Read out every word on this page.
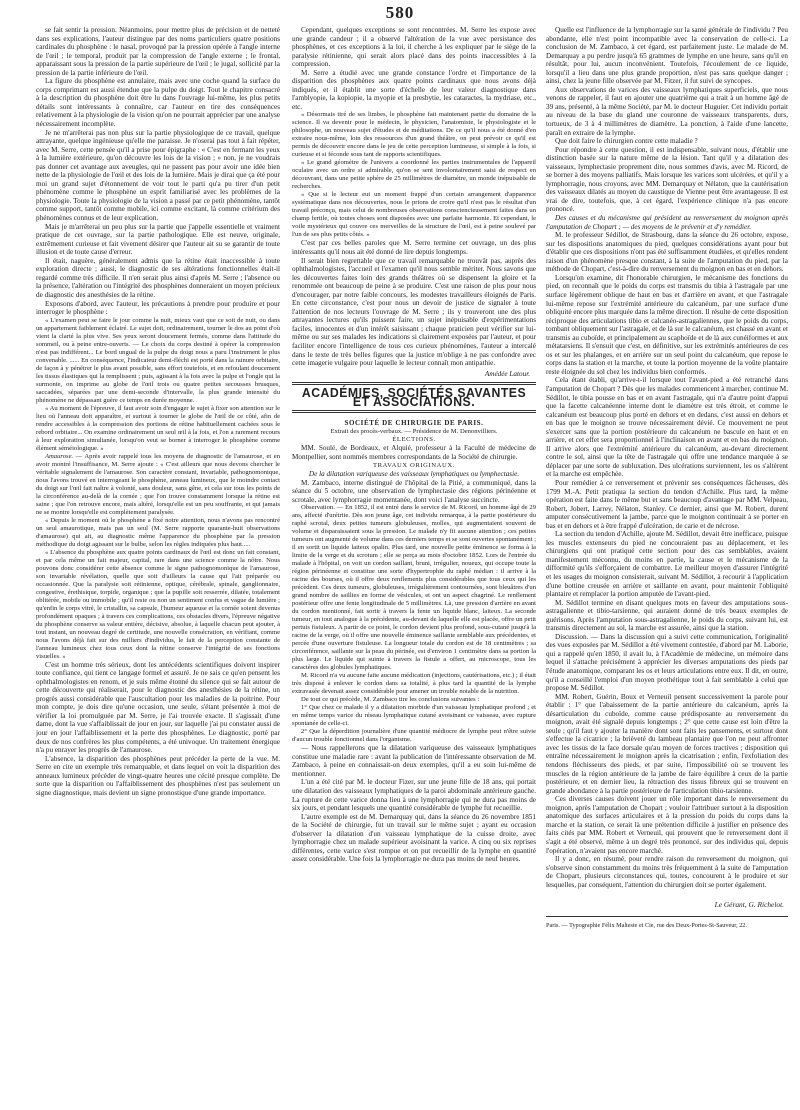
580

se fait sentir la pression. Néanmoins, pour mettre plus de précision et de netteté dans ses explications, l'auteur distingue par des noms particuliers quatre positions cardinales du phosphène : le nasal, provoqué par la pression opérée à l'angle interne de l'œil ; le temporal, produit par la compression de l'angle externe ; le frontal, apparaissant sous la pression de la partie supérieure de l'œil ; le jugal, sollicité par la pression de la partie inférieure de l'œil.

La figure du phosphène est annulaire, mais avec une coche quand la surface du corps comprimant est aussi étendue que la pulpe du doigt. Tout le chapitre consacré à la description du phosphène doit être lu dans l'ouvrage lui-même, les plus petits détails sont intéressants à connaître, car l'auteur en tire des conséquences relativement à la physiologie de la vision qu'on ne pourrait apprécier par une analyse nécessairement incomplète.

Je ne m'arrêterai pas non plus sur la partie physiologique de ce travail, quelque attrayante, quelque ingénieuse qu'elle me paraisse. Je n'oserai pas tout à fait répéter, avec M. Serre, cette pensée qu'il a prise pour épigraphe : « C'est en fermant les yeux à la lumière extérieure, qu'on découvre les lois de la vision ; » non, je ne voudrais pas donner cet avantage aux aveugles, qui ne passent pas pour avoir une idée bien nette de la physiologie de l'œil et des lois de la lumière. Mais je dirai que ça été pour moi un grand sujet d'étonnement de voir tout le parti qu'a pu tirer d'un petit phénomène comme le phosphène un esprit familiarisé avec les problèmes de la physiologie. Toute la physiologie de la vision a passé par ce petit phénomène, tantôt comme support, tantôt comme mobile, ici comme excitant, là comme critérium des phénomènes connus et de leur explication.

Mais je m'arrêterai un peu plus sur la partie que j'appelle essentielle et vraiment pratique de cet ouvrage, sur la partie pathologique. Elle est neuve, originale, extrêmement curieuse et fait vivement désirer que l'auteur ait su se garantir de toute illusion et de toute cause d'erreur.

Il était, naguère, généralement admis que la rétine était inaccessible à toute exploration directe ; aussi, le diagnostic de ses altérations fonctionnelles était-il regardé comme très difficile. Il n'en serait plus ainsi d'après M. Serre ; l'absence ou la présence, l'altération ou l'intégrité des phosphènes donneraient un moyen précieux de diagnostic des anesthésies de la rétine.

Exposons d'abord, avec l'auteur, les précautions à prendre pour produire et pour interroger le phosphène :

« L'examen peut se faire le jour comme la nuit, mieux vaut que ce soit de nuit, ou dans un appartement faiblement éclairé. Le sujet doit, ordinairement, tourner le dos au point d'où vient la clarté la plus vive. Ses yeux seront doucement fermés, comme dans l'attitude du sommeil, ou à peine entre-ouverts. — Le choix du corps destiné à opérer la compression n'est pas indifférent... Le bord ungual de la pulpe du doigt nous a paru l'instrument le plus convenable. ...... En conséquence, l'indicateur demi-fléchi est porté dans la rainure orbitaire, de façon à y pénétrer le plus avant possible, sans effort toutefois, et en refoulant doucement les tissus élastiques qui la remplissent ; puis, agissant à la fois avec la pulpe et l'ongle qui la surmonte, on imprime au globe de l'œil trois ou quatre petites secousses brusques, saccadées, séparées par une demi-seconde d'intervalle, la plus grande intensité du phénomène ne dépassant guère ce temps en durée moyenne.

« Au moment de l'épreuve, il faut avoir soin d'engager le sujet à fixer son attention sur le lieu où l'anneau doit apparaître, et surtout à tourner le globe de l'œil de ce côté, afin de rendre accessibles à la compression des portions de rétine habituellement cachées sous le rebord orbitaire... On examine ordinairement un seul œil à la fois, et l'on a rarement recours à leur exploration simultanée, lorsqu'on veut se borner à interroger le phosphène comme élément séméiologique. »

Amaurose. — Après avoir rappelé tous les moyens de diagnostic de l'amaurose, et en avoir montré l'insuffisance, M. Serre ajoute : « C'est ailleurs que nous devons chercher le véritable signalement de l'amaurose. Son caractère constant, invariable, pathognomonique, nous l'avons trouvé en interrogeant le phosphène, anneau lumineux, que le moindre contact du doigt sur l'œil fait naître à volonté, sans douleur, sans gêne, et cela sur tous les points de la circonférence au-delà de la cornée ; que l'on trouve constamment lorsque la rétine est saine ; que l'on retrouve encore, mais altéré, lorsqu'elle est un peu souffrante, et qui jamais ne se montre lorsqu'elle est complètement paralysée.

« Depuis le moment où le phosphène a fixé notre attention, nous n'avons pas rencontré un seul amaurotique, mais pas un seul (M. Serre rapporte quarante-huit observations d'amaurose) qui ait, au diagnostic même l'apparence du phosphène par la pression méthodique du doigt agissant sur le bulbe, selon les règles indiquées plus haut.....

« L'absence du phosphène aux quatre points cardinaux de l'œil est donc un fait constant, et par cela même un fait majeur, capital, rare dans une science comme la nôtre. Nous pouvons donc considérer cette absence comme le signe pathognomonique de l'amaurose, son invariable révélation, quelle que soit d'ailleurs la cause qui l'ait préparée ou occasionnée. Que la paralysie soit rétinienne, optique, cérébrale, spinale, ganglionnaire, congestive, érethisique, torpide, organique ; que la pupille soit resserrée, dilatée, totalement oblitérée, mobile ou immobile ; qu'il reste ou non un sentiment confus et vague de lumière ; qu'enfin le corps vitré, le cristallin, sa capsule, l'humeur aqueuse et la cornée soient devenus profondément opaques ; à travers ces complications, ces obstacles divers, l'épreuve négative du phosphène conserve sa valeur entière, décisive, absolue, à laquelle chacun peut ajouter, à tout instant, un nouveau degré de certitude, une nouvelle consécration, en vérifiant, comme nous l'avons déjà fait sur des milliers d'individus, le fait de la perception constante de l'anneau lumineux chez tous ceux dont la rétine conserve l'intégrité de ses fonctions visuelles. »

C'est un homme très sérieux, dont les antécédents scientifiques doivent inspirer toute confiance, qui tient ce langage formel et assuré. Je ne sais ce qu'en pensent les ophthalmologistes en renom, et je suis même étonné du silence qui se fait autour de cette découverte qui réaliserait, pour le diagnostic des anesthésies de la rétine, un progrès aussi considérable que l'auscultation pour les maladies de la poitrine. Pour mon compte, je dois dire qu'une occasion, une seule, s'étant présentée à moi de vérifier la loi promulguée par M. Serre, je l'ai trouvée exacte. Il s'agissait d'une dame, dont la vue s'affaiblissait de jour en jour, sur laquelle j'ai pu constater aussi de jour en jour l'affaiblissement et la perte des phosphènes. Le diagnostic, porté par deux de nos confrères les plus compétents, a été univoque. Un traitement énergique n'a pu enrayer les progrès de l'amaurose.

L'absence, la disparition des phosphènes peut précéder la perte de la vue. M. Serre en cite un exemple très remarquable, et dans lequel on voit la disparition des anneaux lumineux précéder de vingt-quatre heures une cécité presque complète. De sorte que la disparition ou l'affaiblissement des phosphènes n'est pas seulement un signe diagnostique, mais devient un signe pronostique d'une grande importance.

Cependant, quelques exceptions se sont rencontrées. M. Serre les expose avec une grande candeur ; il a observé l'altération de la vue avec persistance des phosphènes, et ces exceptions à la loi, il cherche à les expliquer par le siège de la paralysie rétinienne, qui serait alors placé dans des points inaccessibles à la compression.

M. Serre a étudié avec une grande constance l'ordre et l'importance de la disparition des phosphènes aux quatre points cardinaux que nous avons déjà indiqués, et il établit une sorte d'échelle de leur valeur diagnostique dans l'amblyopie, la kopiopie, la myopie et la presbytie, les cataractes, la mydriase, etc., etc.

« Désormais tiré de ses limbes, le phosphène fait maintenant partie du domaine de la science. Il va devenir pour le médecin, le physicien, l'anatomiste, le physiologiste et le philosophe, un nouveau sujet d'études et de méditations. De ce qu'il nous a été donné d'en extraire nous-même, loin des ressources d'un grand théâtre, on peut prévoir ce qu'il est permis de découvrir encore dans le jeu de cette perception lumineuse, si simple à la fois, si curieuse et si féconde sous tant de rapports scientifiques.

« Le grand géomètre de l'univers a coordonné les parties instrumentales de l'appareil oculaire avec un ordre si admirable, qu'on se sent involontairement saisi de respect en découvrant, dans une petite sphère de 25 millimètres de diamètre, un monde inépuisable de recherches.

« Que si le lecteur eut un moment frappé d'un certain arrangement d'apparence systématique dans nos découvertes, nous le prions de croire qu'il n'est pas le résultat d'un travail préconçu, mais celui de nombreuses observations consciencieusement faites dans un champ fertile, où toutes choses sont disposées avec une parfaite harmonie. Et cependant, le voile mystérieux qui couvre ces merveilles de la structure de l'œil, est à peine soulevé par l'un de ses plus petits côtés. »

C'est par ces belles paroles que M. Serre termine cet ouvrage, un des plus intéressants qu'il nous ait été donné de lire depuis longtemps.

Il serait bien regrettable que ce travail remarquable ne trouvât pas, auprès des ophthalmologistes, l'accueil et l'examen qu'il nous semble mériter. Nous savons que les découvertes faites loin des grands théâtres où se dispensent la gloire et la renommée ont beaucoup de peine à se produire. C'est une raison de plus pour nous d'encourager, par notre faible concours, les modestes travailleurs éloignés de Paris. En cette circonstance, c'est pour nous un devoir de justice de signaler à toute l'attention de nos lecteurs l'ouvrage de M. Serre ; ils y trouveront une des plus attrayantes lectures qu'ils puissent faire, un sujet inépuisable d'expérimentations faciles, innocentes et d'un intérêt saisissant ; chaque praticien peut vérifier sur lui-même ou sur ses malades les indications si clairement exposées par l'auteur, et pour faciliter encore l'intelligence de tous ces curieux phénomènes, l'auteur a intercalé dans le texte de très belles figures que la justice m'oblige à ne pas confondre avec cette imagerie vulgaire pour laquelle le lecteur connaît mon antipathie.

Amédée Latour.
ACADÉMIES, SOCIÉTÉS SAVANTES ET ASSOCIATIONS.
SOCIÉTÉ DE CHIRURGIE DE PARIS.

Extrait des procès-verbaux. — Présidence de M. Denonvilliers.

ÉLECTIONS.

MM. Soulé, de Bordeaux, et Alquié, professeur à la Faculté de médecine de Montpellier, sont nommés membres correspondants de la Société de chirurgie.

TRAVAUX ORIGINAUX.

De la dilatation variqueuse des vaisseaux lymphatiques ou lymphectasie.

M. Zambaco, interne distingué de l'hôpital de la Pitié, a communiqué, dans la séance du 5 octobre, une observation de lymphectasie des régions périnéenne et scrotale, avec lymphorragie momentanée, dont voici l'analyse succincte.

Observation. — En 1852, il est entré dans le service de M. Ricord, un homme âgé de 29 ans, affecté d'urétrite. Dès son jeune âge, cet individu remarqua, à la partie postérieure du raphé scrotal, deux petites tumeurs globuleuses, molles, qui augmentaient souvent de volume et disparaissaient sous la pression. Le malade n'y fit aucune attention ; ces petites tumeurs ont augmenté de volume dans ces derniers temps et se sont ouvertes spontanément ; il en sortit un liquide laiteux opalin. Plus tard, une nouvelle petite éminence se forma à la limite de la verge et du scrotum ; elle se perça au mois d'octobre 1852. Lors de l'entrée du malade à l'hôpital, on voit un cordon saillant, bruni, irrégulier, noueux, qui occupe toute la région périnéenne et constitue une sorte d'hypertrophie du raphé médian : il arrive à la racine des bourses, où il offre deux renflements plus considérables que tous ceux qui les précèdent. Ces deux tumeurs, globuleuses, irrégulièrement contournées, sont bleuâtres d'un grand nombre de saillies en forme de vésicules, et ont un aspect chagriné. Le renflement postérieur offre une fente longitudinale de 5 millimètres. Là, une pression d'arrière en avant du cordon mentionné, fait sortir à travers la fente un liquide blanc, laiteux. La seconde tumeur, en tout analogue à la précédente, au-devant de laquelle elle est placée, offre un petit pertuis fistuleux. A partir de ce point, le cordon devient plus profond, sous-cutané jusqu'à la racine de la verge, où il offre une nouvelle éminence saillante semblable aux précédentes, et percée d'une ouverture fistuleuse. La longueur totale du cordon est de 18 centimètres ; sa circonférence, saillante sur la peau du périnée, est d'environ 1 centimètre dans sa portion la plus large. Le liquide qui suinte à travers la fistule a offert, au microscope, tous les caractères des globules lymphatiques.

M. Ricord n'a vu aucune faite aucune médication (injections, cautérisations, etc.) ; il était très disposé à enlever le cordon dans sa totalité, à plus tard la quantité de la lymphe extravasée devenait assez considérable pour amener un trouble notable de la nutrition.

De tout ce qui précède, M. Zambaco tire les conclusions suivantes :

1° Que chez ce malade il y a dilatation morbide d'un vaisseau lymphatique profond ; et en même temps varice du réseau lymphatique cutané avoisinant ce vaisseau, avec rupture spontanée de celle-ci.

2° Que la déperdition journalière d'une quantité médiocre de lymphe peut n'être suivie d'aucun trouble fonctionnel dans l'organisme.

— Nous rappellerons que la dilatation variqueuse des vaisseaux lymphatiques constitue une maladie rare : avant la publication de l'intéressante observation de M. Zambaco, à peine en connaissait-on deux exemples, qu'il a eu soin lui-même de mentionner.

L'un a été cité par M. le docteur Fizer, sur une jeune fille de 18 ans, qui portait une dilatation des vaisseaux lymphatiques de la paroi abdominale antérieure gauche. La rupture de cette varice donna lieu à une lymphorragie qui ne dura pas moins de six jours, et pendant lesquels une quantité considérable de lymphe fut recueillie.

L'autre exemple est de M. Demarquay qui, dans la séance du 26 novembre 1851 de la Société de chirurgie, fut un travail sur le même sujet ; ayant eu occasion d'observer la dilatation d'un vaisseau lymphatique de la cuisse droite, avec lymphorragie chez un malade supérieur avoisinant la varice. A cinq ou six reprises différentes, cette varice s'est rompue et on put recueillir de la lymphe en quantité assez considérable. Une fois la lymphorragie ne dura pas moins de neuf heures.

Quelle est l'influence de la lymphorragie sur la santé générale de l'individu ? Peu abondante, elle n'est point incompatible avec la conservation de celle-ci. La conclusion de M. Zambaco, à cet égard, est parfaitement juste. Le malade de M. Demarquay a pu perdre jusqu'à 65 grammes de lymphe en une heure, sans qu'il en résultât, pour lui, aucun inconvénient. Toutefois, l'écoulement de ce liquide, lorsqu'il a lieu dans une plus grande proportion, n'est pas sans quelque danger ; ainsi, chez la jeune fille observée par M. Fitzer, il fut suivi de syncopes.

Aux observations de varices des vaisseaux lymphatiques superficiels, que nous venons de rappeler, il faut en ajouter une quatrième qui a trait à un homme âgé de 39 ans, présenté, à la même Société, par M. le docteur Huguier. Cet individu portait au niveau de la base du gland une couronne de vaisseaux transparents, durs, tortueux, de 3 à 4 millimètres de diamètre. La ponction, à l'aide d'une lancette, paraît en extraire de la lymphe.

Que doit faire le chirurgien contre cette maladie ?

Pour répondre à cette question, il est indispensable, suivant nous, d'établir une distinction basée sur la nature même de la lésion. Tant qu'il y a dilatation des vaisseaux, lymphectasie proprement dite, nous sommes d'avis, avec M. Ricord, de se borner à des moyens palliatifs. Mais lorsque les varices sont ulcérées, et qu'il y a lymphorragie, nous croyons, avec MM. Demarquay et Nélaton, que la cautérisation des vaisseaux dilatés au moyen du caustique de Vienne peut être avantageuse. Il est vrai de dire, toutefois, que, à cet égard, l'expérience clinique n'a pas encore prononcé.

Des causes et du mécanisme qui président au renversement du moignon après l'amputation de Chopart ; — des moyens de le prévenir et d'y remédier.

M. le professeur Sédillot, de Strasbourg, dans la séance du 26 octobre, expose, sur les dispositions anatomiques du pied, quelques considérations ayant pour but d'établir que ces dispositions n'ont pas été suffisamment étudiées, et qu'elles rendent raison d'un phénomène presque constant, à la suite de l'amputation du pied, par la méthode de Chopart, c'est-à-dire du renversement du moignon en bas et en dehors.

Lorsqu'on examine, dit l'honorable chirurgien, le mécanisme des fonctions du pied, on reconnaît que le poids du corps est transmis du tibia à l'astragale par une surface légèrement oblique de haut en bas et d'arrière en avant, et que l'astragale lui-même repose sur l'extrémité antérieure du calcanéum, par une surface d'une obliquité encore plus marquée dans la même direction. Il résulte de cette disposition réciproque des articulations tibio et calcanéo-astragaliennes, que le poids du corps, tombant obliquement sur l'astragale, et de là sur le calcanéum, est chassé en avant et transmis au cuboïde, et principalement au scaphoïde et de là aux cunéiformes et aux métatarsiens. Il s'ensuit que c'est, en définitive, sur les extrémités antérieures de ces os et sur les phalanges, et en arrière sur un seul point du calcanéum, que repose le corps dans la station et la marche, et toute la portion moyenne de la voûte plantaire reste éloignée du sol chez les individus bien conformés.

Cela étant établi, qu'arrive-t-il lorsque tout l'avant-pied a été retranché dans l'amputation de Chopart ? Dès que les malades commencent à marcher, continue M. Sédillot, le tibia pousse en bas et en avant l'astragale, qui n'a d'autre point d'appui que la facette calcanéenne interne dont le diamètre est très étroit, et comme le calcanéum est beaucoup plus porté en dehors et en dedans, c'est aussi en dehors et en bas que le moignon se trouve nécessairement dévié. Ce mouvement ne peut s'exercer sans que la portion postérieure du calcanéum ne bascule en haut et en arrière, et cet effet sera proportionnel à l'inclinaison en avant et en bas du moignon. Il arrive alors que l'extrémité antérieure du calcanéum, au-devant directement contre le sol, ainsi que la tête de l'astragale qui offre une tendance marquée à se déplacer par une sorte de subluxation. Des ulcérations surviennent, les os s'altèrent et la marche est empêchée.

Pour remédier à ce renversement et prévenir ses conséquences fâcheuses, dès 1799 M.-A. Petit pratiqua la section du tendon d'Achille. Plus tard, la même opération est faite dans le même but et sans beaucoup d'avantage par MM. Velpeau, Robert, Jobert, Larrey, Nélaton, Stanley. Ce dernier, ainsi que M. Robert, durent amputer consécutivement la jambe, parce que le moignon continuait à se porter en bas et en dehors et à être frappé d'ulcération, de carie et de nécrose.

La section du tendon d'Achille, ajoute M. Sédillot, devait être inefficace, puisque les muscles extenseurs du pied ne concouraient pas au déplacement, et les chirurgiens qui ont pratiqué cette section pour des cas semblables, avaient manifestement méconnu, du moins en partie, la cause et le mécanisme de la difformité qu'ils s'efforçaient de combattre. Le meilleur moyen d'assurer l'intégrité et les usages du moignon consisterait, suivant M. Sédillot, à recourir à l'application d'une bottine creusée en arrière et saillante en avant, pour maintenir l'obliquité plantaire et remplacer la portion amputée de l'avant-pied.

M. Sédillot termine en disant quelques mots en faveur des amputations sous-astragalienne et tibio-tarsienne, qui auraient donné de très beaux exemples de guérisons. Après l'amputation sous-astragalienne, le poids du corps, suivant lui, est transmis directement au sol, la marche est assurée, ainsi que la station.

Discussion. — Dans la discussion qui a suivi cette communication, l'originalité des vues exposées par M. Sédillot a été vivement contestée, d'abord par M. Laborie, qui a rappelé qu'en 1850, il avait lu, à l'Académie de médecine, un mémoire dans lequel il s'attache précisément à apprécier les diverses amputations des pieds par l'étude anatomique, comparant les os et leurs articulations entre eux. Il dit, en outre, qu'il a conseillé l'emploi d'un moyen prothétique tout à fait semblable à celui que propose M. Sédillot.

MM. Robert, Guérin, Boux et Verneuil pensent successivement la parole pour établir : 1° que l'abaissement de la partie antérieure du calcanéum, après la désarticulation du cuboïde, comme cause prédisposante au renversement du moignon, avait été signalé depuis longtemps ; 2° que cette cause est loin d'être la seule ; qu'il faut y ajouter la manière dont sont faits les pansements, et surtout dont s'effectue la cicatrice ; la brièveté du lambeau plantaire que l'on ne peut affronter avec les tissus de la face dorsale qu'au moyen de forces tractives ; disposition qui entraîne nécessairement le moignon après la cicatrisation ; enfin, l'exfoliation des tendons fléchisseurs des pieds, et par suite, l'impossibilité où se trouvent les muscles de la région antérieure de la jambe de faire équilibre à ceux de la partie postérieure, et en dernier lieu, la rétraction des tissus fibreux qui se trouvent en grande abondance à la partie postérieure de l'articulation tibio-tarsienne.

Ces diverses causes doivent jouer un rôle important dans le renversement du moignon, après l'amputation de Chopart ; vouloir l'attribuer surtout à la disposition anatomique des surfaces articulaires et à la pression du poids du corps dans la marche et la station, ce serait là une prétention difficile à justifier en présence des faits cités par MM. Robert et Verneuil, qui prouvent que le renversement dont il s'agit a été observé, même à un degré très prononcé, sur des individus qui, depuis l'opération, n'avaient pas encore marché.

Il y a donc, en résumé, pour rendre raison du renversement du moignon, qui s'observe sinon constamment du moins très fréquemment à la suite de l'amputation de Chopart, plusieurs circonstances qui, toutes, concourent à le produire et sur lesquelles, par conséquent, l'attention du chirurgien doit se porter également.

Le Gérant, G. Richelot.

Paris. — Typographie Félix Malteste et Cie, rue des Deux-Portes-St-Sauveur, 22.
